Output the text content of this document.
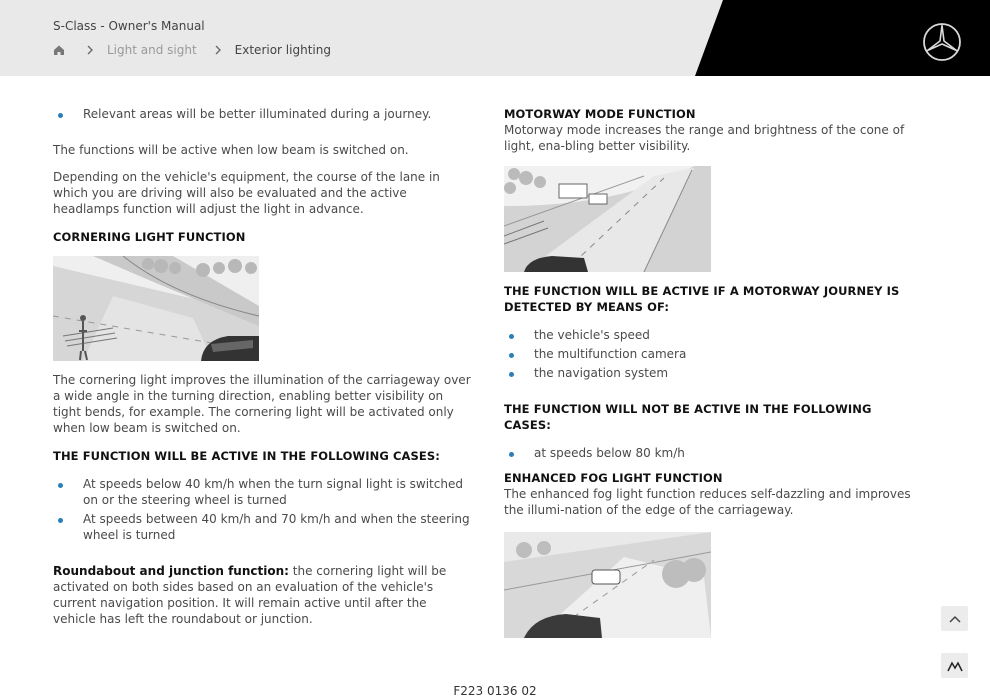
S-Class - Owner's Manual
Light and sight	Exterior lighting
Relevant areas will be better illuminated during a journey.

The functions will be active when low beam is switched on.

Depending on the vehicle's equipment, the course of the lane in which you are driving will also be evaluated and the active headlamps function will adjust the light in advance.

CORNERING LIGHT FUNCTION

The cornering light improves the illumination of the carriageway over a wide angle in the turning direction, enabling better visibility on tight bends, for example. The cornering light will be activated only when low beam is switched on.

THE FUNCTION WILL BE ACTIVE IN THE FOLLOWING CASES:

At speeds below 40 km/h when the turn signal light is switched on or the steering wheel is turned
At speeds between 40 km/h and 70 km/h and when the steering wheel is turned

Roundabout and junction function: the cornering light will be activated on both sides based on an evaluation of the vehicle's current navigation position. It will remain active until after the vehicle has left the roundabout or junction.

MOTORWAY MODE FUNCTION

Motorway mode increases the range and brightness of the cone of light, ena-bling better visibility.

THE FUNCTION WILL BE ACTIVE IF A MOTORWAY JOURNEY IS DETECTED BY MEANS OF:

the vehicle's speed
the multifunction camera
the navigation system

THE FUNCTION WILL NOT BE ACTIVE IN THE FOLLOWING CASES:

at speeds below 80 km/h

ENHANCED FOG LIGHT FUNCTION

The enhanced fog light function reduces self-dazzling and improves the illumi-nation of the edge of the carriageway.

F223 0136 02
